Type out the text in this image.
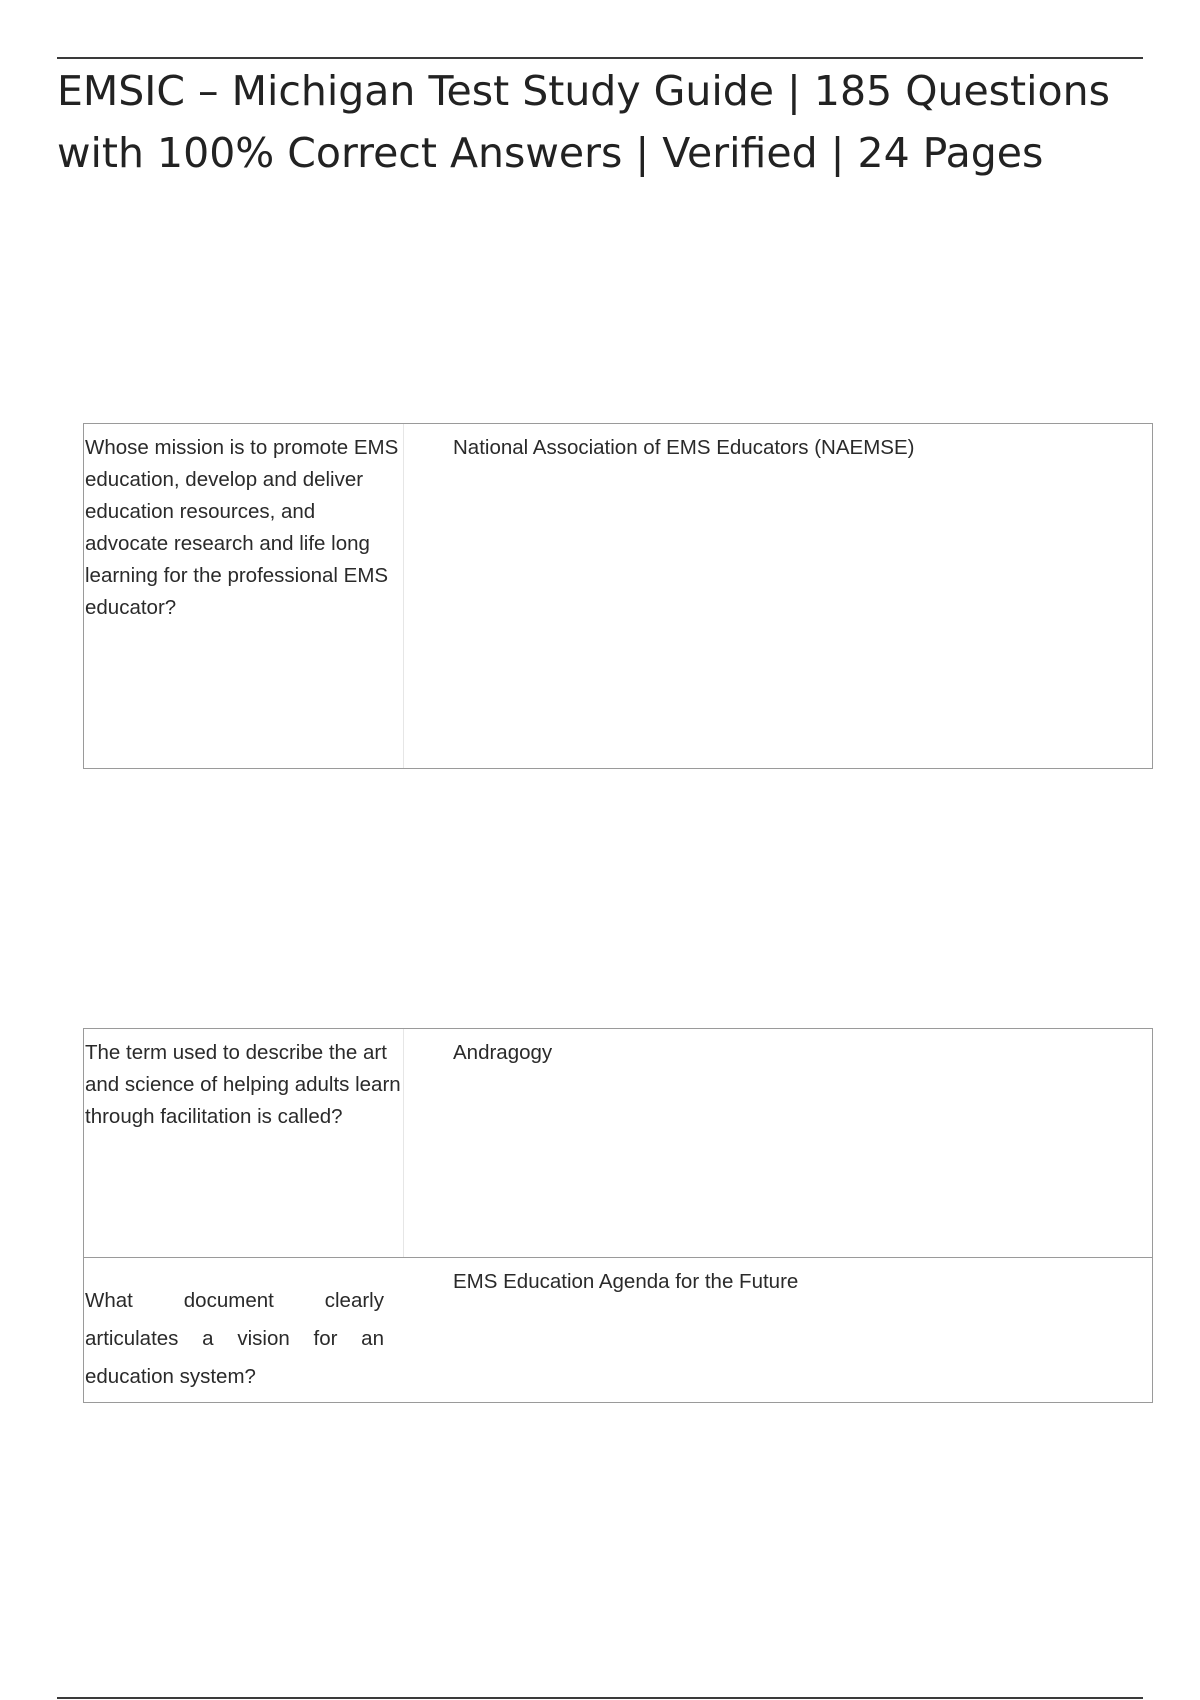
EMSIC – Michigan Test Study Guide | 185 Questions with 100% Correct Answers | Verified | 24 Pages
Whose mission is to promote EMS education, develop and deliver education resources, and advocate research and life long learning for the professional EMS educator?
National Association of EMS Educators (NAEMSE)
The term used to describe the art and science of helping adults learn through facilitation is called?
Andragogy
What document clearly articulates a vision for an education system?
EMS Education Agenda for the Future
